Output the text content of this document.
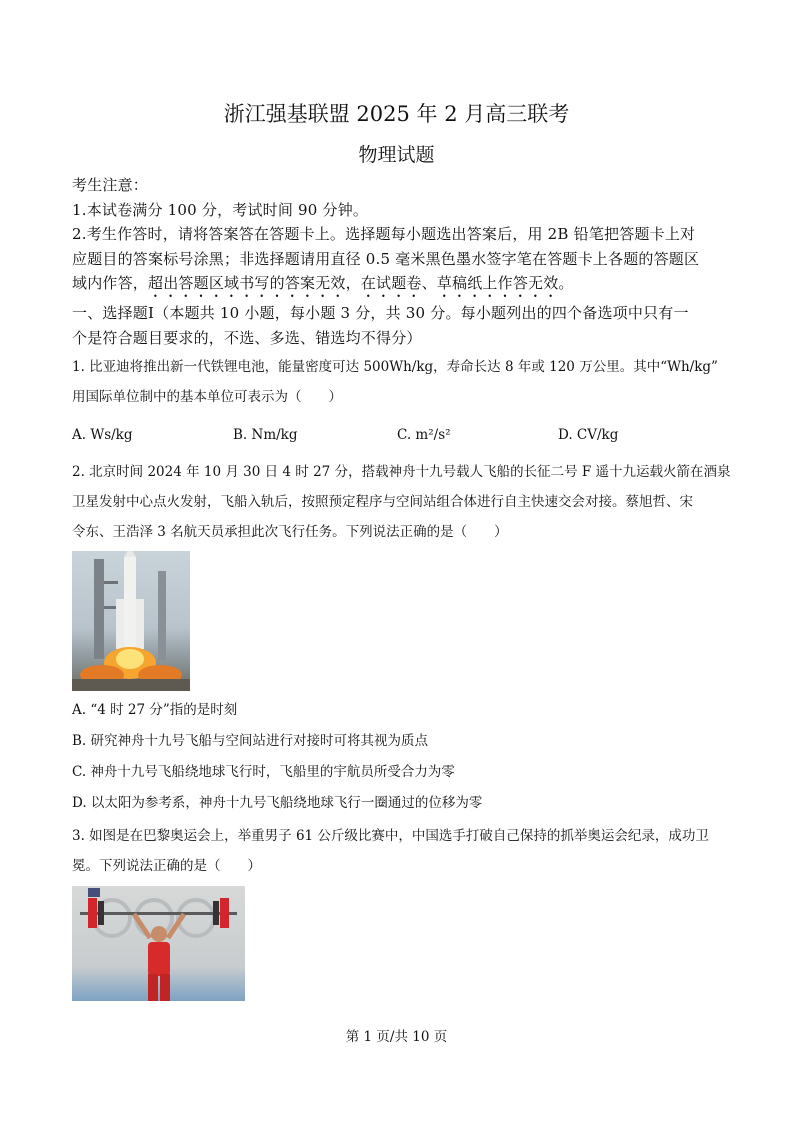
浙江强基联盟 2025 年 2 月高三联考
物理试题
考生注意：
1.本试卷满分 100 分，考试时间 90 分钟。
2.考生作答时，请将答案答在答题卡上。选择题每小题选出答案后，用 2B 铅笔把答题卡上对
应题目的答案标号涂黑；非选择题请用直径 0.5 毫米黑色墨水签字笔在答题卡上各题的答题区
域内作答，超出答题区域书写的答案无效，在试题卷、草稿纸上作答无效。
一、选择题Ⅰ（本题共 10 小题，每小题 3 分，共 30 分。每小题列出的四个备选项中只有一
个是符合题目要求的，不选、多选、错选均不得分）
1. 比亚迪将推出新一代铁锂电池，能量密度可达 500Wh/kg，寿命长达 8 年或 120 万公里。其中“Wh/kg”
用国际单位制中的基本单位可表示为（　　）
A. Ws/kg	B. Nm/kg	C. m²/s²	D. CV/kg
2. 北京时间 2024 年 10 月 30 日 4 时 27 分，搭载神舟十九号载人飞船的长征二号 F 遥十九运载火箭在酒泉
卫星发射中心点火发射，飞船入轨后，按照预定程序与空间站组合体进行自主快速交会对接。蔡旭哲、宋
令东、王浩泽 3 名航天员承担此次飞行任务。下列说法正确的是（　　）
A. “4 时 27 分”指的是时刻
B. 研究神舟十九号飞船与空间站进行对接时可将其视为质点
C. 神舟十九号飞船绕地球飞行时，飞船里的宇航员所受合力为零
D. 以太阳为参考系，神舟十九号飞船绕地球飞行一圈通过的位移为零
3. 如图是在巴黎奥运会上，举重男子 61 公斤级比赛中，中国选手打破自己保持的抓举奥运会纪录，成功卫
冕。下列说法正确的是（　　）
第 1 页/共 10 页
